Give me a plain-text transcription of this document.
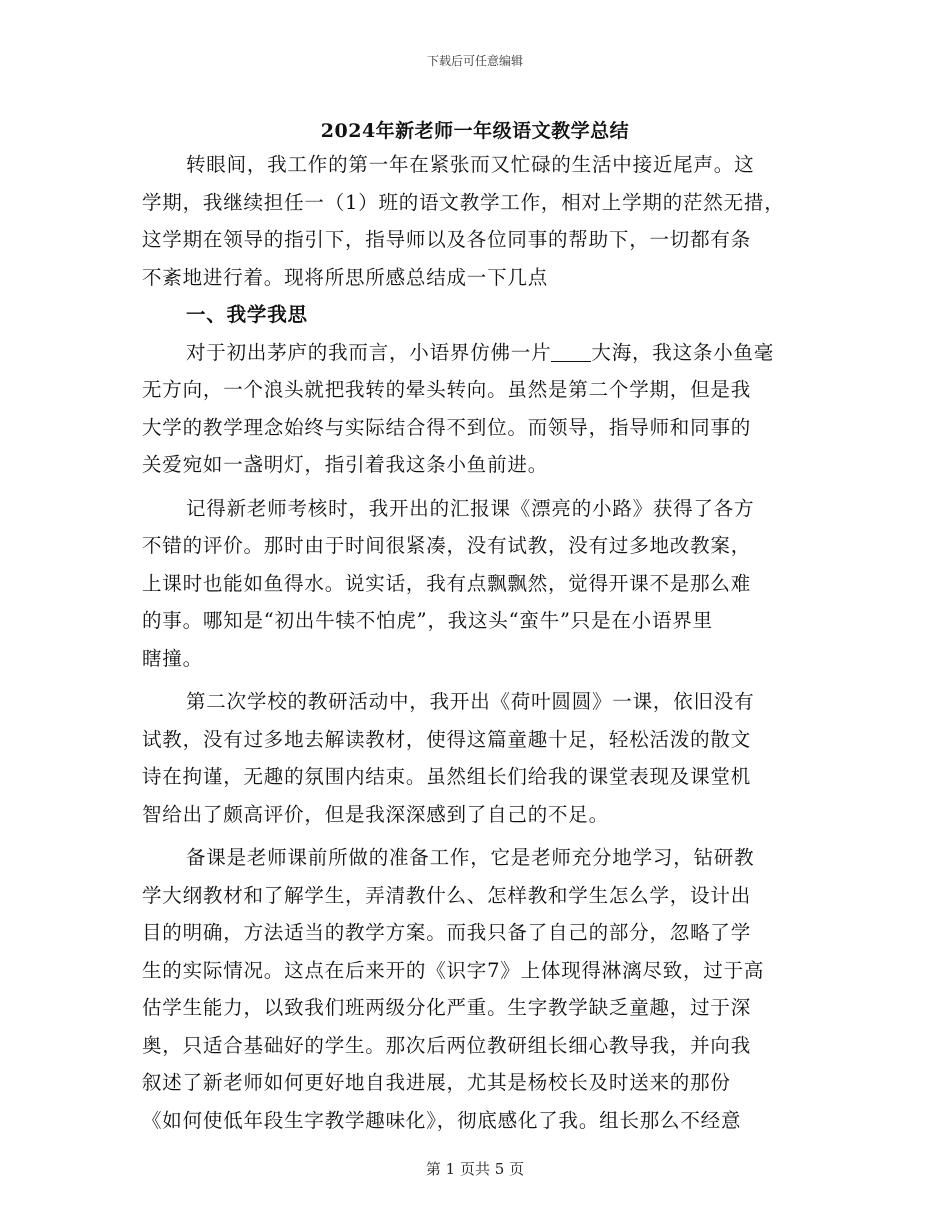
下载后可任意编辑
2024年新老师一年级语文教学总结
转眼间，我工作的第一年在紧张而又忙碌的生活中接近尾声。这
学期，我继续担任一（1）班的语文教学工作，相对上学期的茫然无措，
这学期在领导的指引下，指导师以及各位同事的帮助下，一切都有条
不紊地进行着。现将所思所感总结成一下几点
一、我学我思
对于初出茅庐的我而言，小语界仿佛一片 大海，我这条小鱼毫
无方向，一个浪头就把我转的晕头转向。虽然是第二个学期，但是我
大学的教学理念始终与实际结合得不到位。而领导，指导师和同事的
关爱宛如一盏明灯，指引着我这条小鱼前进。
记得新老师考核时，我开出的汇报课《漂亮的小路》获得了各方
不错的评价。那时由于时间很紧凑，没有试教，没有过多地改教案，
上课时也能如鱼得水。说实话，我有点飘飘然，觉得开课不是那么难
的事。哪知是“初出牛犊不怕虎”，我这头“蛮牛”只是在小语界里
瞎撞。
第二次学校的教研活动中，我开出《荷叶圆圆》一课，依旧没有
试教，没有过多地去解读教材，使得这篇童趣十足，轻松活泼的散文
诗在拘谨，无趣的氛围内结束。虽然组长们给我的课堂表现及课堂机
智给出了颇高评价，但是我深深感到了自己的不足。
备课是老师课前所做的准备工作，它是老师充分地学习，钻研教
学大纲教材和了解学生，弄清教什么、怎样教和学生怎么学，设计出
目的明确，方法适当的教学方案。而我只备了自己的部分，忽略了学
生的实际情况。这点在后来开的《识字7》上体现得淋漓尽致，过于高
估学生能力，以致我们班两级分化严重。生字教学缺乏童趣，过于深
奥，只适合基础好的学生。那次后两位教研组长细心教导我，并向我
叙述了新老师如何更好地自我进展，尤其是杨校长及时送来的那份
《如何使低年段生字教学趣味化》，彻底感化了我。组长那么不经意
第 1 页共 5 页
